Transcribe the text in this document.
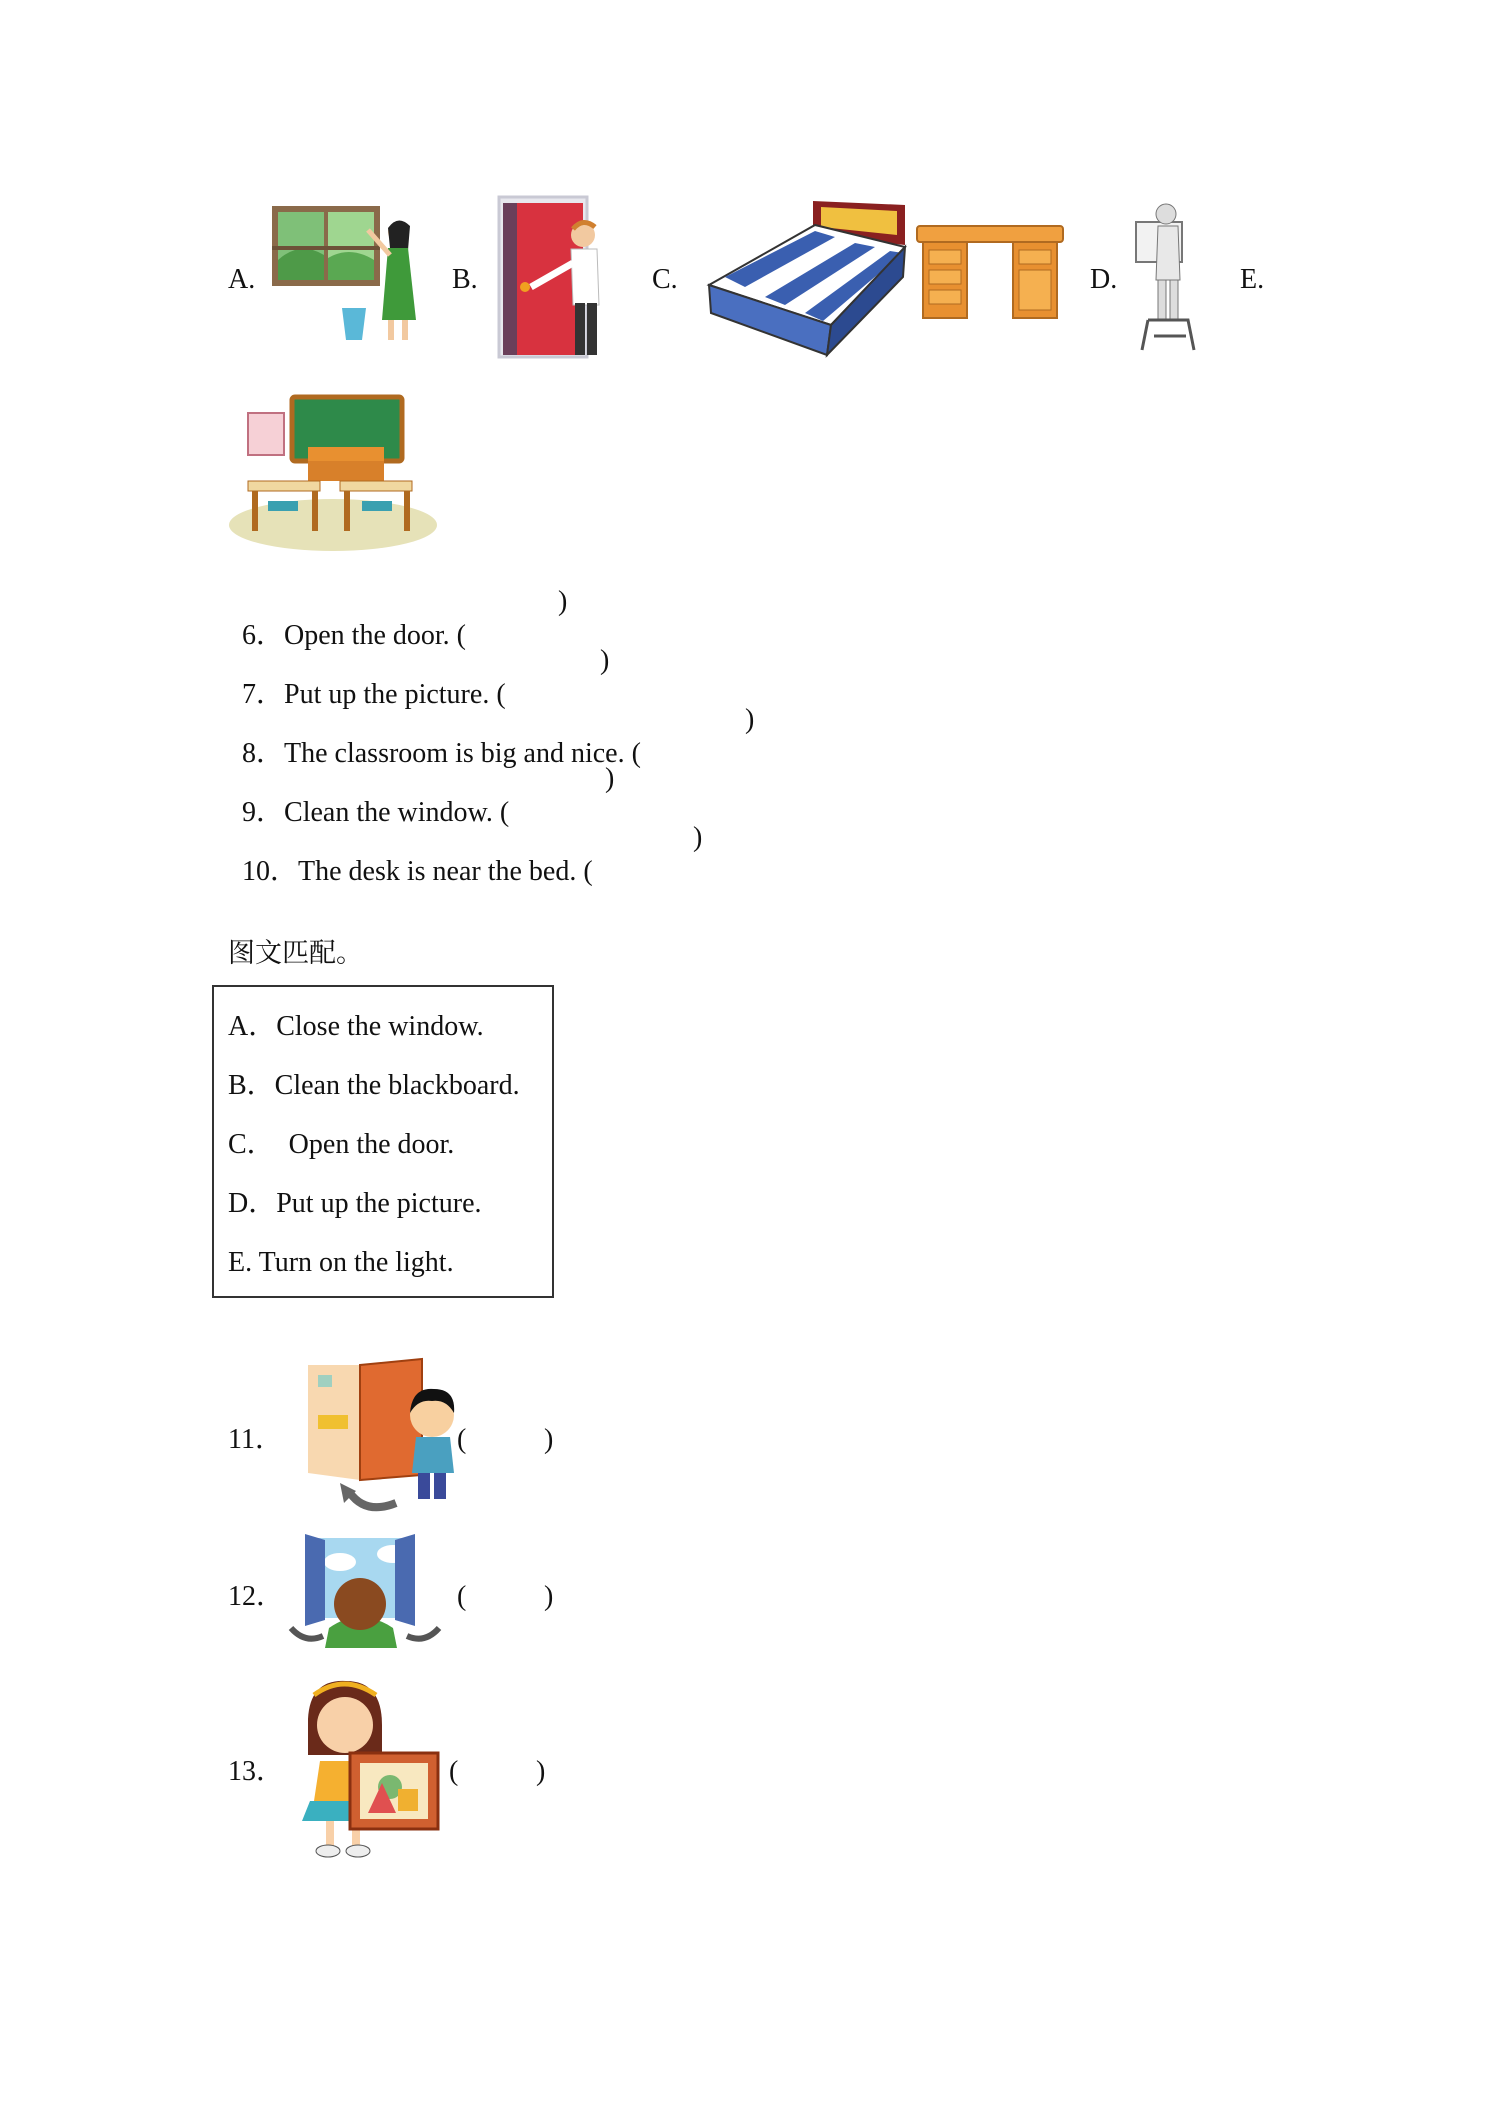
A.	B.	C.	D.	E.

6．Open the door. (

)

7．Put up the picture. (

)

8．The classroom is big and nice. (

)

9．Clean the window. (

)

10．The desk is near the bed. (

)
图文匹配。
A．Close the window.
B．Clean the blackboard.
C．  Open the door.
D．Put up the picture.
E. Turn on the light.
11．	(	)
12．	(	)
13．	(	)
